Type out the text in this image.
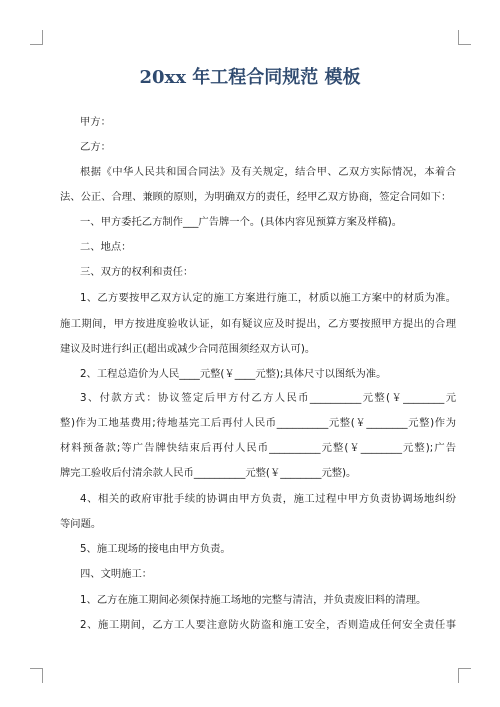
20xx 年工程合同规范 模板
甲方：
乙方：
根据《中华人民共和国合同法》及有关规定，结合甲、乙双方实际情况，本着合
法、公正、合理、兼顾的原则，为明确双方的责任，经甲乙双方协商，签定合同如下：
一、甲方委托乙方制作___广告牌一个。(具体内容见预算方案及样稿)。
二、地点：
三、双方的权利和责任：
1、乙方要按甲乙双方认定的施工方案进行施工，材质以施工方案中的材质为准。
施工期间，甲方按进度验收认证，如有疑议应及时提出，乙方要按照甲方提出的合理
建议及时进行纠正(超出或减少合同范围须经双方认可)。
2、工程总造价为人民____元整(￥____元整);具体尺寸以图纸为准。
3、付款方式：协议签定后甲方付乙方人民币__________元整(￥________元
整)作为工地基费用;待地基完工后再付人民币__________元整(￥________元整)作为
材料预备款;等广告牌快结束后再付人民币__________元整(￥________元整);广告
牌完工验收后付清余款人民币__________元整(￥________元整)。
4、相关的政府审批手续的协调由甲方负责，施工过程中甲方负责协调场地纠纷
等问题。
5、施工现场的接电由甲方负责。
四、文明施工：
1、乙方在施工期间必须保持施工场地的完整与清洁，并负责废旧料的清理。
2、施工期间，乙方工人要注意防火防盗和施工安全，否则造成任何安全责任事
